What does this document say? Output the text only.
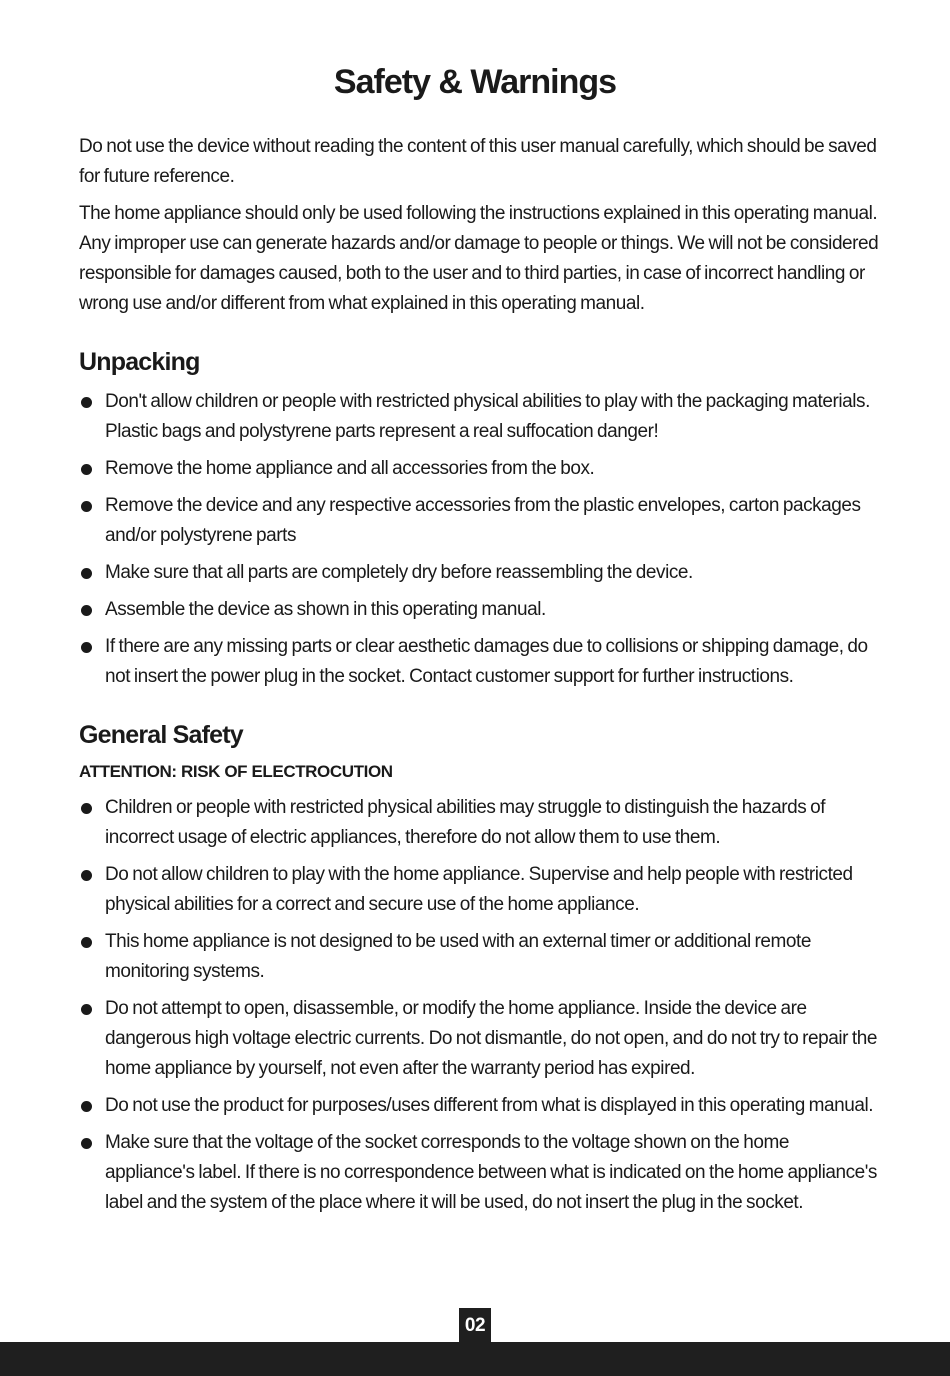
Safety & Warnings

Do not use the device without reading the content of this user manual carefully, which should be saved for future reference.

The home appliance should only be used following the instructions explained in this operating manual. Any improper use can generate hazards and/or damage to people or things. We will not be considered responsible for damages caused, both to the user and to third parties, in case of incorrect handling or wrong use and/or different from what explained in this operating manual.

Unpacking
Don't allow children or people with restricted physical abilities to play with the packaging materials. Plastic bags and polystyrene parts represent a real suffocation danger!
Remove the home appliance and all accessories from the box.
Remove the device and any respective accessories from the plastic envelopes, carton packages and/or polystyrene parts
Make sure that all parts are completely dry before reassembling the device.
Assemble the device as shown in this operating manual.
If there are any missing parts or clear aesthetic damages due to collisions or shipping damage, do not insert the power plug in the socket. Contact customer support for further instructions.
General Safety
ATTENTION: RISK OF ELECTROCUTION
Children or people with restricted physical abilities may struggle to distinguish the hazards of incorrect usage of electric appliances, therefore do not allow them to use them.
Do not allow children to play with the home appliance. Supervise and help people with restricted physical abilities for a correct and secure use of the home appliance.
This home appliance is not designed to be used with an external timer or additional remote monitoring systems.
Do not attempt to open, disassemble, or modify the home appliance. Inside the device are dangerous high voltage electric currents. Do not dismantle, do not open, and do not try to repair the home appliance by yourself, not even after the warranty period has expired.
Do not use the product for purposes/uses different from what is displayed in this operating manual.
Make sure that the voltage of the socket corresponds to the voltage shown on the home appliance's label. If there is no correspondence between what is indicated on the home appliance's label and the system of the place where it will be used, do not insert the plug in the socket.
02
